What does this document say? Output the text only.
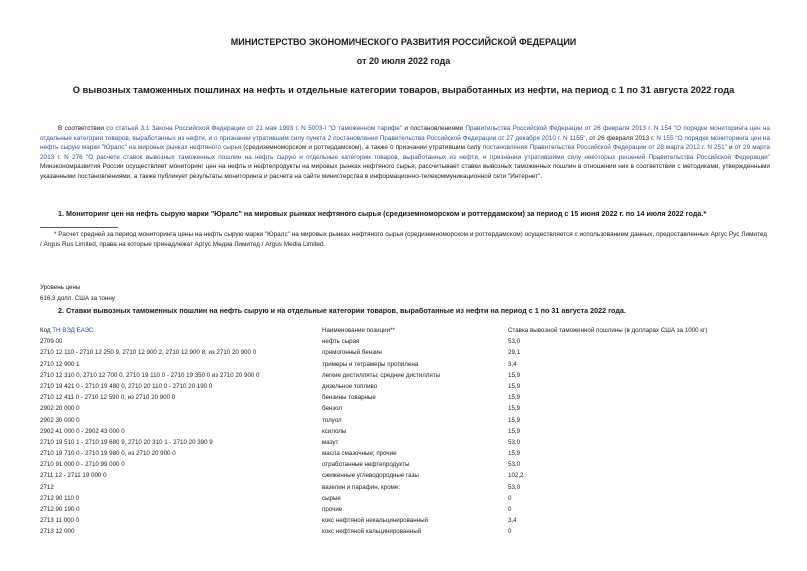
МИНИСТЕРСТВО ЭКОНОМИЧЕСКОГО РАЗВИТИЯ РОССИЙСКОЙ ФЕДЕРАЦИИ
от 20 июля 2022 года
О вывозных таможенных пошлинах на нефть и отдельные категории товаров, выработанных из нефти, на период с 1 по 31 августа 2022 года
В соответствии со статьей 3.1 Закона Российской Федерации от 21 мая 1993 г. N 5003-I "О таможенном тарифе" и постановлениями Правительства Российской Федерации от 26 февраля 2013 г. N 154 "О порядке мониторинга цен на отдельные категории товаров, выработанных из нефти, и о признании утратившим силу пункта 2 постановления Правительства Российской Федерации от 27 декабря 2010 г. N 1155", от 26 февраля 2013 г. N 155 "О порядке мониторинга цен на нефть сырую марки "Юралс" на мировых рынках нефтяного сырья (средиземноморском и роттердамском), а также о признании утратившим силу постановления Правительства Российской Федерации от 28 марта 2012 г. N 251" и от 29 марта 2013 г. N 276 "О расчете ставок вывозных таможенных пошлин на нефть сырую и отдельные категории товаров, выработанных из нефти, и признании утратившими силу некоторых решений Правительства Российской Федерации" Минэкономразвития России осуществляет мониторинг цен на нефть и нефтепродукты на мировых рынках нефтяного сырья, рассчитывает ставки вывозных таможенных пошлин в отношении них в соответствии с методиками, утвержденными указанными постановлениями, а также публикует результаты мониторинга и расчета на сайте министерства в информационно-телекоммуникационной сети "Интернет".
1. Мониторинг цен на нефть сырую марки "Юралс" на мировых рынках нефтяного сырья (средиземноморском и роттердамском) за период с 15 июня 2022 г. по 14 июля 2022 года.*
* Расчет средней за период мониторинга цены на нефть сырую марки "Юралс" на мировых рынках нефтяного сырья (средиземноморском и роттердамском) осуществляется с использованием данных, предоставленных Аргус Рус Лимитед / Argus Rus Limited, права на которые принадлежат Аргус Медиа Лимитед / Argus Media Limited.
Уровень цены
616,3 долл. США за тонну
2. Ставки вывозных таможенных пошлин на нефть сырую и на отдельные категории товаров, выработанные из нефти на период с 1 по 31 августа 2022 года.
Код ТН ВЭД ЕАЭС	Наименование позиции**	Ставка вывозной таможенной пошлины (в долларах США за 1000 кг)
2709 00	нефть сырая	53,0
2710 12 110 - 2710 12 250 9, 2710 12 900 2, 2710 12 900 8, из 2710 20 900 0	прямогонный бензин	29,1
2710 12 900 1	тримеры и тетрамеры пропилена	3,4
2710 12 310 0, 2710 12 700 0, 2710 19 110 0 - 2710 19 350 0 из 2710 20 900 0	легкие дистилляты; средние дистилляты	15,9
2710 19 421 0 - 2710 19 480 0, 2710 20 110 0 - 2710 20 190 0	дизельное топливо	15,9
2710 12 411 0 - 2710 12 590 0, из 2710 20 900 0	бензины товарные	15,9
2902 20 000 0	бензол	15,9
2902 30 000 0	толуол	15,9
2902 41 000 0 - 2902 43 000 0	ксилолы	15,9
2710 19 510 1 - 2710 19 680 9, 2710 20 310 1 - 2710 20 390 9	мазут	53,0
2710 19 710 0 - 2710 19 980 0, из 2710 20 900 0	масла смазочные; прочие	15,9
2710 91 000 0 - 2710 99 000 0	отработанные нефтепродукты	53,0
2711 12 - 2711 19 000 0	сжиженные углеводородные газы	102,2
2712	вазелин и парафин, кроме:	53,0
2712 90 110 0	сырые	0
2712 90 190 0	прочие	0
2713 11 000 0	кокс нефтяной некальцинированный	3,4
2713 12 000	кокс нефтяной кальцинированный	0
